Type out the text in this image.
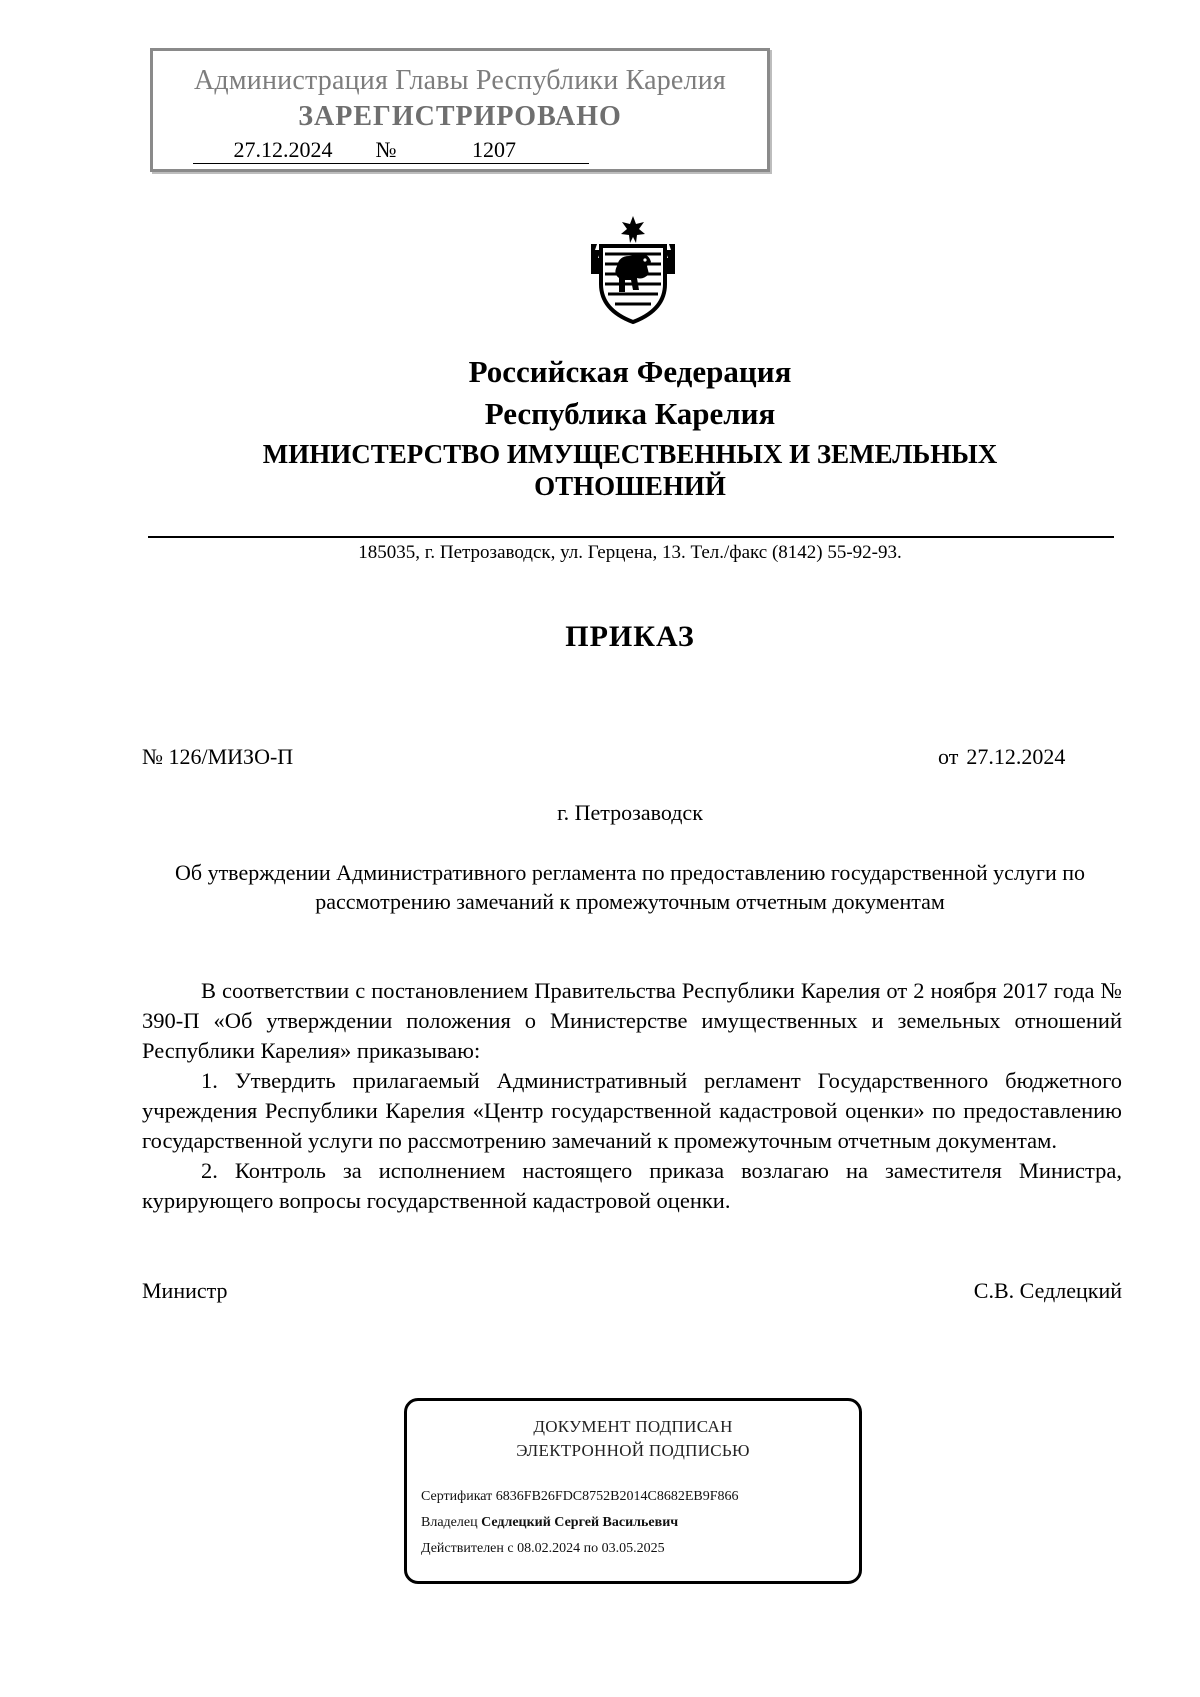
Администрация Главы Республики Карелия
ЗАРЕГИСТРИРОВАНО
27.12.2024 №	1207
Российская Федерация
Республика Карелия
МИНИСТЕРСТВО ИМУЩЕСТВЕННЫХ И ЗЕМЕЛЬНЫХ
ОТНОШЕНИЙ
185035, г. Петрозаводск, ул. Герцена, 13. Тел./факс (8142) 55-92-93.
ПРИКАЗ
№ 126/МИЗО-П	от 27.12.2024
г. Петрозаводск
Об утверждении Административного регламента по предоставлению государственной услуги по рассмотрению замечаний к промежуточным отчетным документам

В соответствии с постановлением Правительства Республики Карелия от 2 ноября 2017 года № 390-П «Об утверждении положения о Министерстве имущественных и земельных отношений Республики Карелия» приказываю:

1. Утвердить прилагаемый Административный регламент Государственного бюджетного учреждения Республики Карелия «Центр государственной кадастровой оценки» по предоставлению государственной услуги по рассмотрению замечаний к промежуточным отчетным документам.

2. Контроль за исполнением настоящего приказа возлагаю на заместителя Министра, курирующего вопросы государственной кадастровой оценки.

Министр	С.В. Седлецкий
ДОКУМЕНТ ПОДПИСАН
ЭЛЕКТРОННОЙ ПОДПИСЬЮ
Сертификат 6836FB26FDC8752B2014C8682EB9F866
Владелец Седлецкий Сергей Васильевич
Действителен с 08.02.2024 по 03.05.2025
